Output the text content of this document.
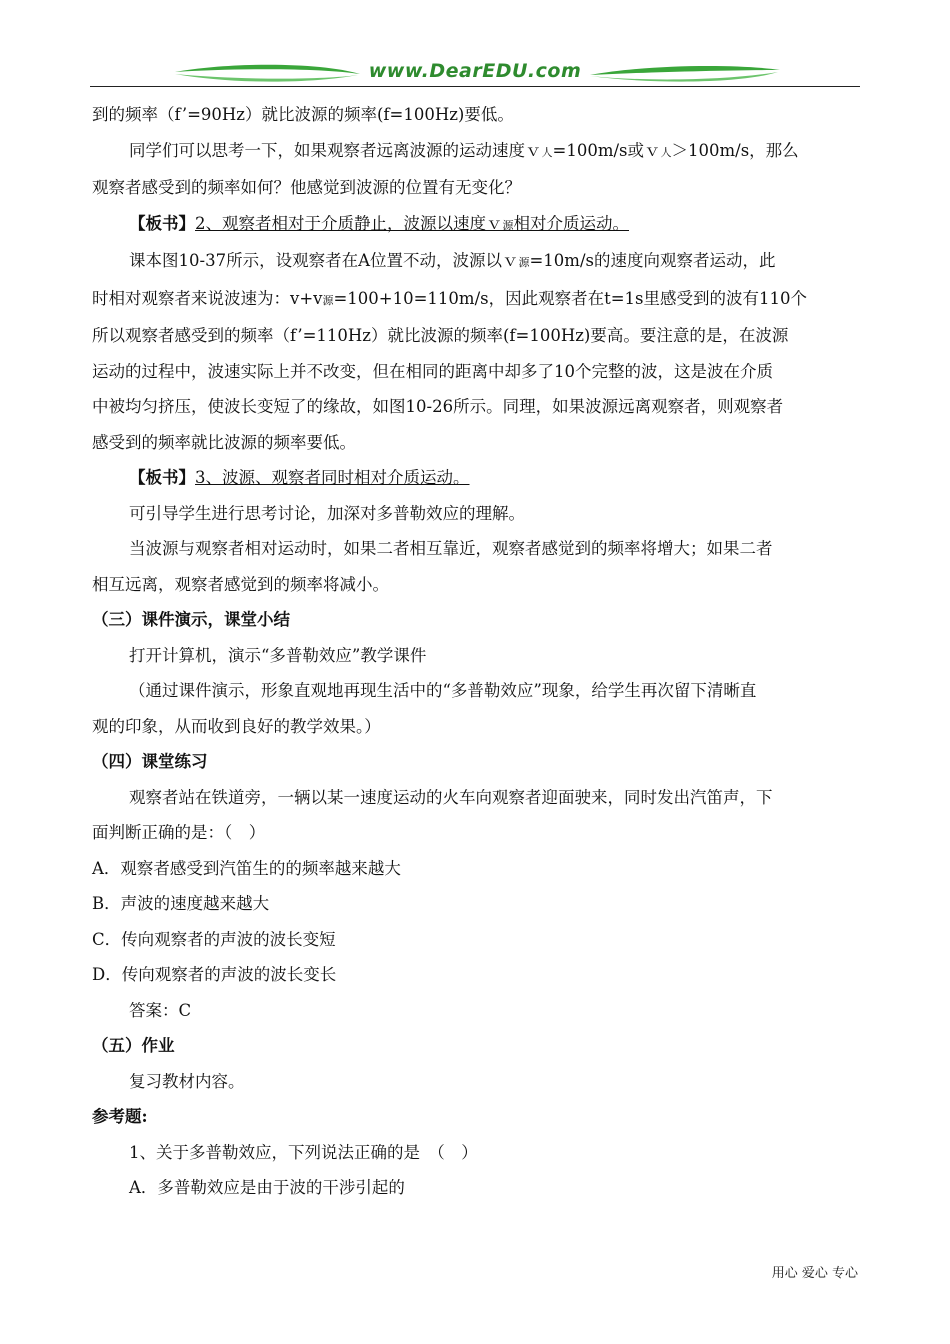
www.DearEDU.com

到的频率（f’=90Hz）就比波源的频率(f=100Hz)要低。

同学们可以思考一下，如果观察者远离波源的运动速度ｖ人=100m/s或ｖ人＞100m/s，那么

观察者感受到的频率如何？他感觉到波源的位置有无变化？

【板书】2、观察者相对于介质静止，波源以速度ｖ源相对介质运动。

课本图10-37所示，设观察者在A位置不动，波源以ｖ源=10m/s的速度向观察者运动，此

时相对观察者来说波速为：v+v源=100+10=110m/s，因此观察者在t=1s里感受到的波有110个

所以观察者感受到的频率（f’=110Hz）就比波源的频率(f=100Hz)要高。要注意的是，在波源

运动的过程中，波速实际上并不改变，但在相同的距离中却多了10个完整的波，这是波在介质

中被均匀挤压，使波长变短了的缘故，如图10-26所示。同理，如果波源远离观察者，则观察者

感受到的频率就比波源的频率要低。

【板书】3、波源、观察者同时相对介质运动。

可引导学生进行思考讨论，加深对多普勒效应的理解。

当波源与观察者相对运动时，如果二者相互靠近，观察者感觉到的频率将增大；如果二者

相互远离，观察者感觉到的频率将减小。

（三）课件演示，课堂小结

打开计算机，演示“多普勒效应”教学课件

（通过课件演示，形象直观地再现生活中的“多普勒效应”现象，给学生再次留下清晰直

观的印象，从而收到良好的教学效果。）

（四）课堂练习

观察者站在铁道旁，一辆以某一速度运动的火车向观察者迎面驶来，同时发出汽笛声，下

面判断正确的是：（　）

A．观察者感受到汽笛生的的频率越来越大

B．声波的速度越来越大

C．传向观察者的声波的波长变短

D．传向观察者的声波的波长变长

答案：C

（五）作业

复习教材内容。

参考题:

1、关于多普勒效应，下列说法正确的是　（　）

A．多普勒效应是由于波的干涉引起的

用心 爱心 专心
